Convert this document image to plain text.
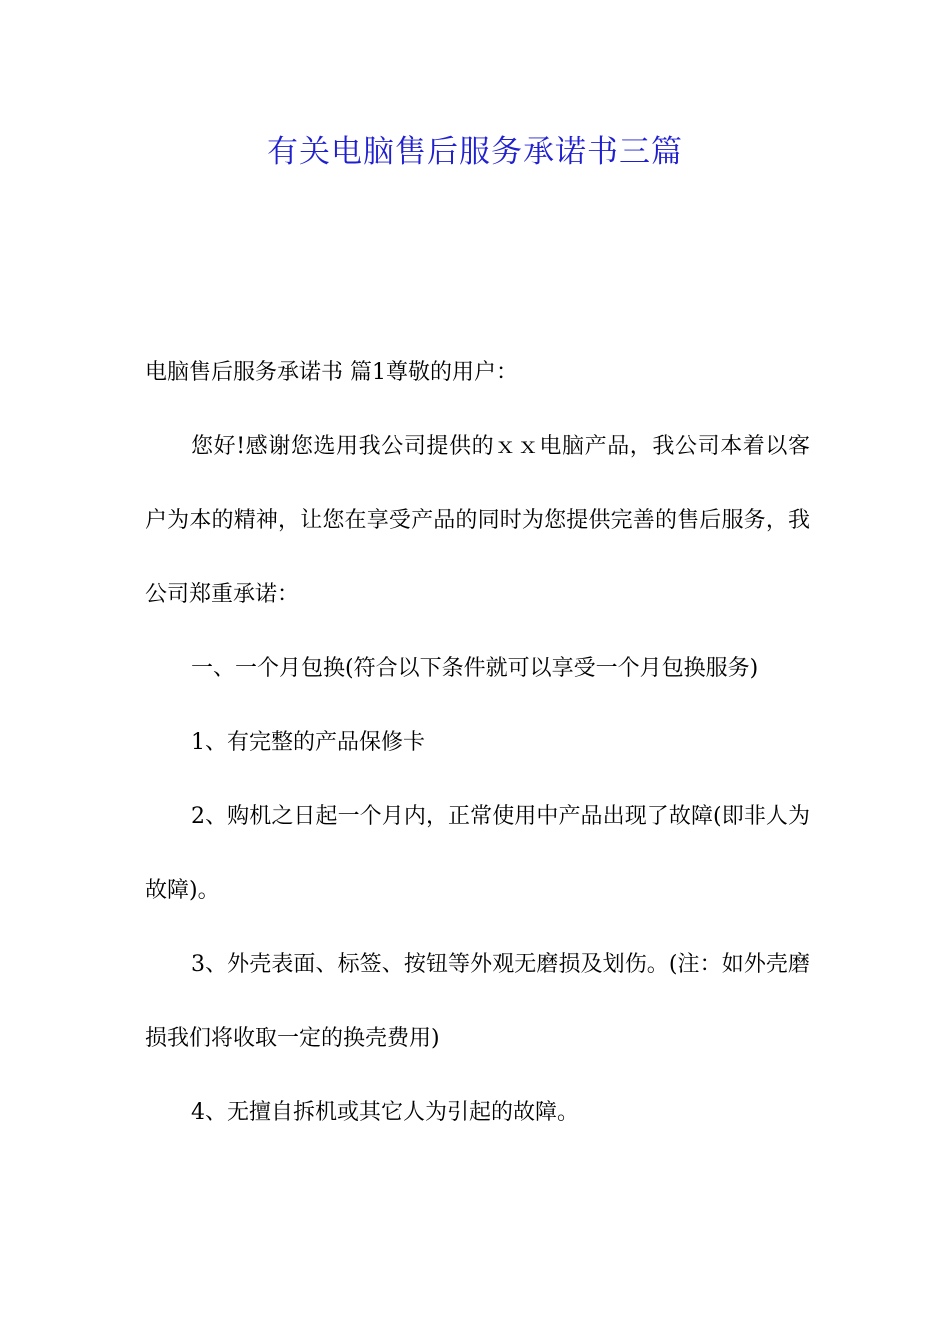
有关电脑售后服务承诺书三篇

电脑售后服务承诺书 篇1尊敬的用户：

您好!感谢您选用我公司提供的ｘｘ电脑产品，我公司本着以客户为本的精神，让您在享受产品的同时为您提供完善的售后服务，我公司郑重承诺：

一、一个月包换(符合以下条件就可以享受一个月包换服务)

1、有完整的产品保修卡

2、购机之日起一个月内，正常使用中产品出现了故障(即非人为故障)。

3、外壳表面、标签、按钮等外观无磨损及划伤。(注：如外壳磨损我们将收取一定的换壳费用)

4、无擅自拆机或其它人为引起的故障。
